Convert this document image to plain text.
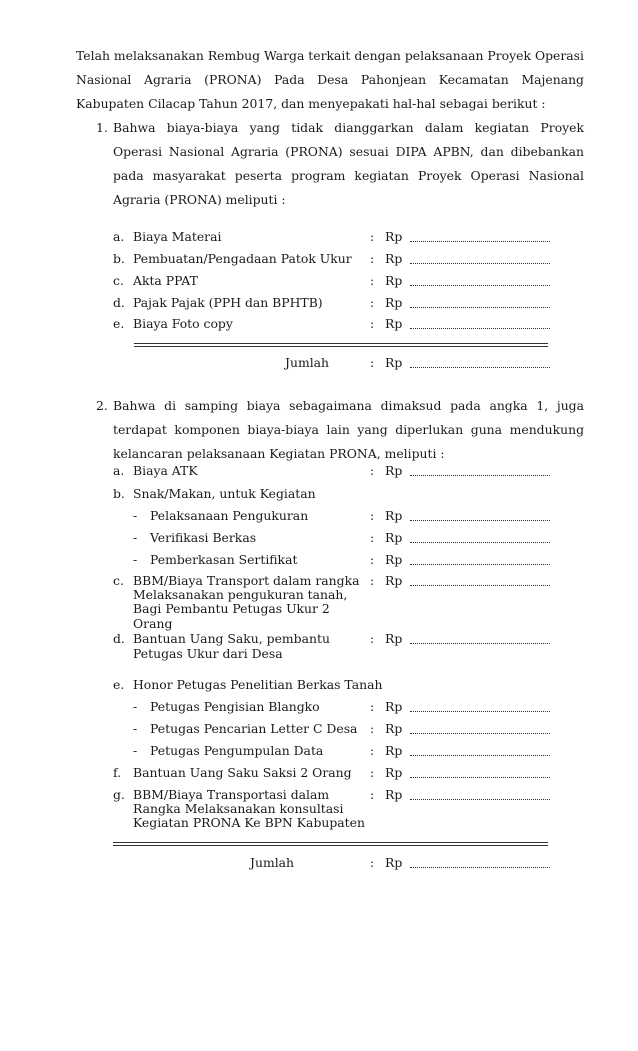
Telah melaksanakan Rembug Warga terkait dengan pelaksanaan Proyek Operasi Nasional Agraria (PRONA) Pada Desa Pahonjean Kecamatan Majenang Kabupaten Cilacap Tahun 2017, dan menyepakati hal-hal sebagai berikut :
1. Bahwa biaya-biaya yang tidak dianggarkan dalam kegiatan Proyek Operasi Nasional Agraria (PRONA) sesuai DIPA APBN, dan dibebankan pada masyarakat peserta program kegiatan Proyek Operasi Nasional Agraria (PRONA) meliputi :
a. Biaya Materai	: Rp
b. Pembuatan/Pengadaan Patok Ukur	: Rp
c. Akta PPAT	: Rp
d. Pajak Pajak (PPH dan BPHTB)	: Rp
e. Biaya Foto copy	: Rp
Jumlah	: Rp
2. Bahwa di samping biaya sebagaimana dimaksud pada angka 1, juga terdapat komponen biaya-biaya lain yang diperlukan guna mendukung kelancaran pelaksanaan Kegiatan PRONA, meliputi :
a. Biaya ATK	: Rp
b. Snak/Makan, untuk Kegiatan
- Pelaksanaan Pengukuran	: Rp
- Verifikasi Berkas	: Rp
- Pemberkasan Sertifikat	: Rp
c. BBM/Biaya Transport dalam rangka
Melaksanakan pengukuran tanah,
Bagi Pembantu Petugas Ukur 2 Orang
: Rp
d. Bantuan Uang Saku, pembantu
Petugas Ukur dari Desa
: Rp
e. Honor Petugas Penelitian Berkas Tanah
- Petugas Pengisian Blangko	: Rp
- Petugas Pencarian Letter C Desa	: Rp
- Petugas Pengumpulan Data	: Rp
f. Bantuan Uang Saku Saksi 2 Orang	: Rp
g. BBM/Biaya Transportasi dalam
Rangka Melaksanakan konsultasi
Kegiatan PRONA Ke BPN Kabupaten
: Rp
Jumlah	: Rp
